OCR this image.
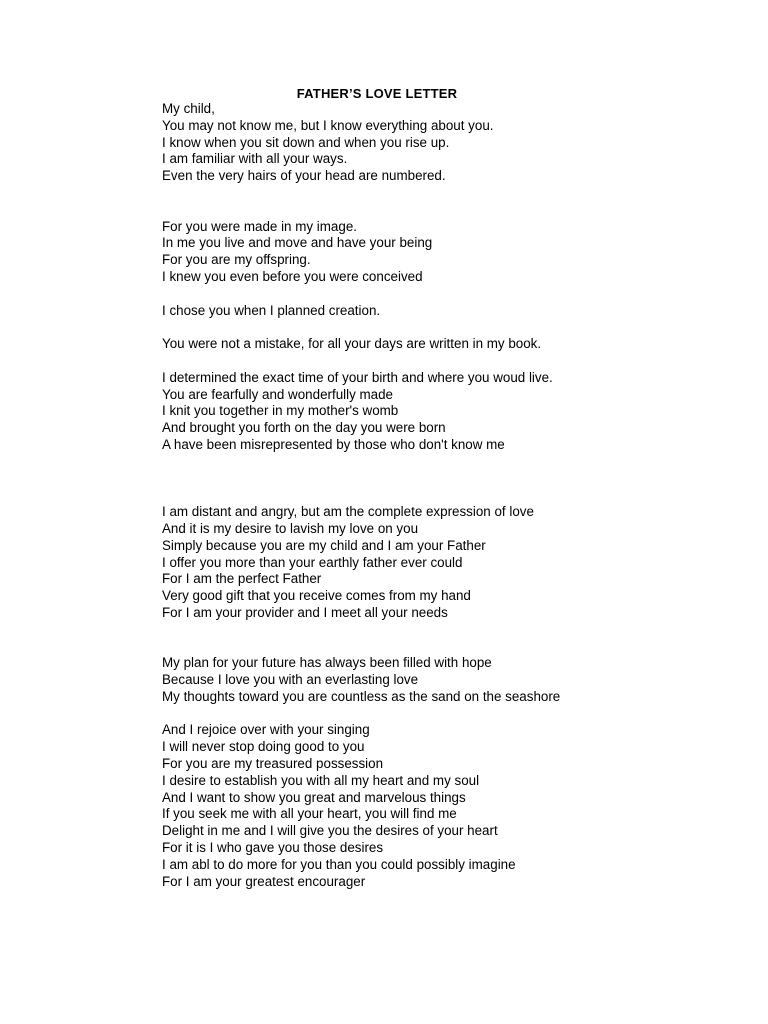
FATHER’S LOVE LETTER
My child,
You may not know me, but I know everything about you.
I know when you sit down and when you rise up.
I am familiar with all your ways.
Even the very hairs of your head are numbered.
For you were made in my image.
In me you live and move and have your being
For you are my offspring.
I knew you even before you were conceived
I chose you when I planned creation.
You were not a mistake, for all your days are written in my book.
I determined the exact time of your birth and where you woud live.
You are fearfully and wonderfully made
I knit you together in my mother's womb
And brought you forth on the day you were born
A have been misrepresented by those who don't know me
I am distant and angry, but am the complete expression of love
And it is my desire to lavish my love on you
Simply because you are my child and I am your Father
I offer you more than your earthly father ever could
For I am the perfect Father
Very good gift that you receive comes from my hand
For I am your provider and I meet all your needs
My plan for your future has always been filled with hope
Because I love you with an everlasting love
My thoughts toward you are countless as the sand on the seashore
And I rejoice over with your singing
I will never stop doing good to you
For you are my treasured possession
I desire to establish you with all my heart and my soul
And I want to show you great and marvelous things
If you seek me with all your heart, you will find me
Delight in me and I will give you the desires of your heart
For it is I who gave you those desires
I am abl to do more for you than you could possibly imagine
For I am your greatest encourager
